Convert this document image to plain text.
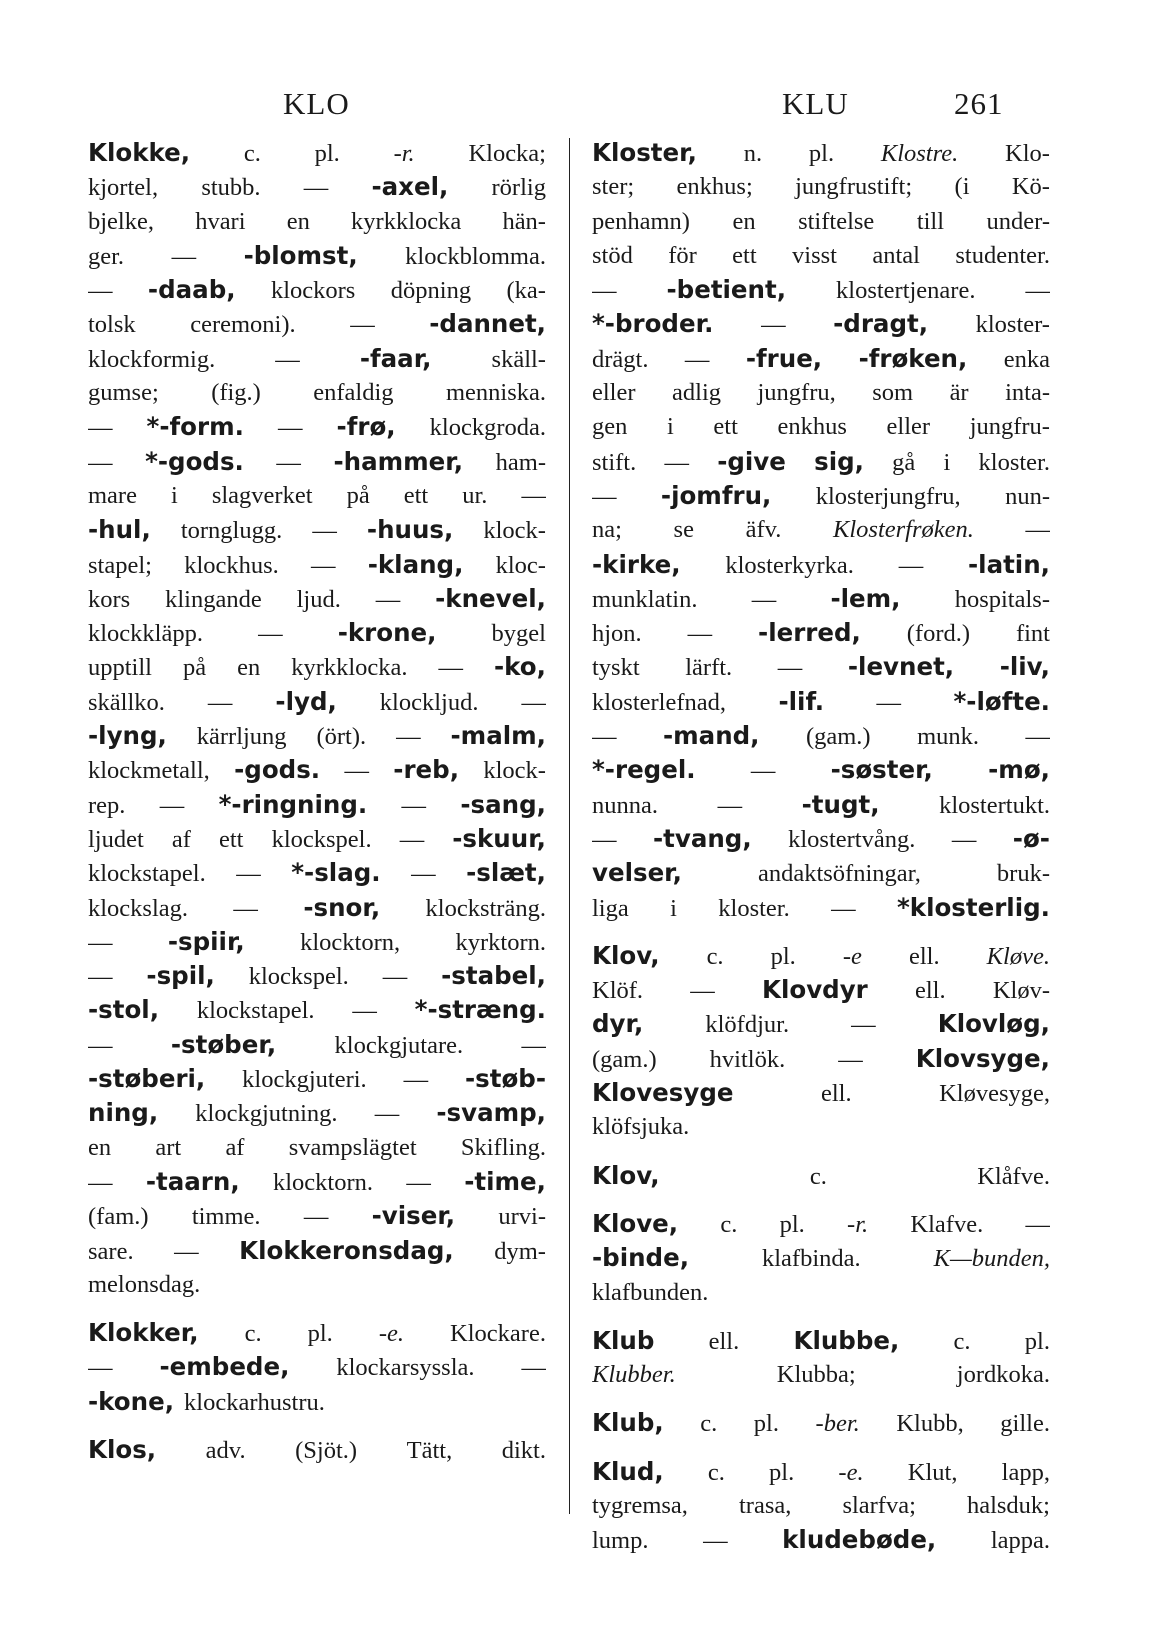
KLO	KLU	261
Klokke, c. pl. -r. Klocka;
kjortel, stubb. — -axel, rörlig
bjelke, hvari en kyrkklocka hän-
ger. — -blomst, klockblomma.
— -daab, klockors döpning (ka-
tolsk ceremoni). — -dannet,
klockformig. — -faar, skäll-
gumse; (fig.) enfaldig menniska.
— *-form. — -frø, klockgroda.
— *-gods. — -hammer, ham-
mare i slagverket på ett ur. —
-hul, tornglugg. — -huus, klock-
stapel; klockhus. — -klang, kloc-
kors klingande ljud. — -knevel,
klockkläpp. — -krone, bygel
upptill på en kyrkklocka. — -ko,
skällko. — -lyd, klockljud. —
-lyng, kärrljung (ört). — -malm,
klockmetall, -gods. — -reb, klock-
rep. — *-ringning. — -sang,
ljudet af ett klockspel. — -skuur,
klockstapel. — *-slag. — -slæt,
klockslag. — -snor, klocksträng.
— -spiir, klocktorn, kyrktorn.
— -spil, klockspel. — -stabel,
-stol, klockstapel. — *-stræng.
— -støber, klockgjutare. —
-støberi, klockgjuteri. — -støb-
ning, klockgjutning. — -svamp,
en art af svampslägtet Skifling.
— -taarn, klocktorn. — -time,
(fam.) timme. — -viser, urvi-
sare. — Klokkeronsdag, dym-
melonsdag.
Klokker, c. pl. -e. Klockare.
— -embede, klockarsyssla. —
-kone, klockarhustru.
Klos, adv. (Sjöt.) Tätt, dikt.
Kloster, n. pl. Klostre. Klo-
ster; enkhus; jungfrustift; (i Kö-
penhamn) en stiftelse till under-
stöd för ett visst antal studenter.
— -betient, klostertjenare. —
*-broder. — -dragt, kloster-
drägt. — -frue, -frøken, enka
eller adlig jungfru, som är inta-
gen i ett enkhus eller jungfru-
stift. — -give sig, gå i kloster.
— -jomfru, klosterjungfru, nun-
na; se äfv. Klosterfrøken. —
-kirke, klosterkyrka. — -latin,
munklatin. — -lem, hospitals-
hjon. — -lerred, (ford.) fint
tyskt lärft. — -levnet, -liv,
klosterlefnad, -lif. — *-løfte.
— -mand, (gam.) munk. —
*-regel. — -søster, -mø,
nunna. — -tugt, klostertukt.
— -tvang, klostertvång. — -ø-
velser,	andaktsöfningar,	bruk-
liga i kloster. — *klosterlig.
Klov, c. pl. -e ell. Kløve.
Klöf. — Klovdyr ell. Kløv-
dyr,	klöfdjur.	—	Klovløg,
(gam.) hvitlök. — Klovsyge,
Klovesyge	ell.	Kløvesyge,
klöfsjuka.
Klov,	c.	Klåfve.
Klove, c. pl. -r. Klafve. —
-binde,	klafbinda.	K—bunden,
klafbunden.
Klub ell. Klubbe, c. pl.
Klubber.	Klubba;	jordkoka.
Klub, c. pl. -ber. Klubb, gille.
Klud, c. pl. -e. Klut, lapp,
tygremsa, trasa, slarfva; halsduk;
lump. — kludebøde, lappa.
